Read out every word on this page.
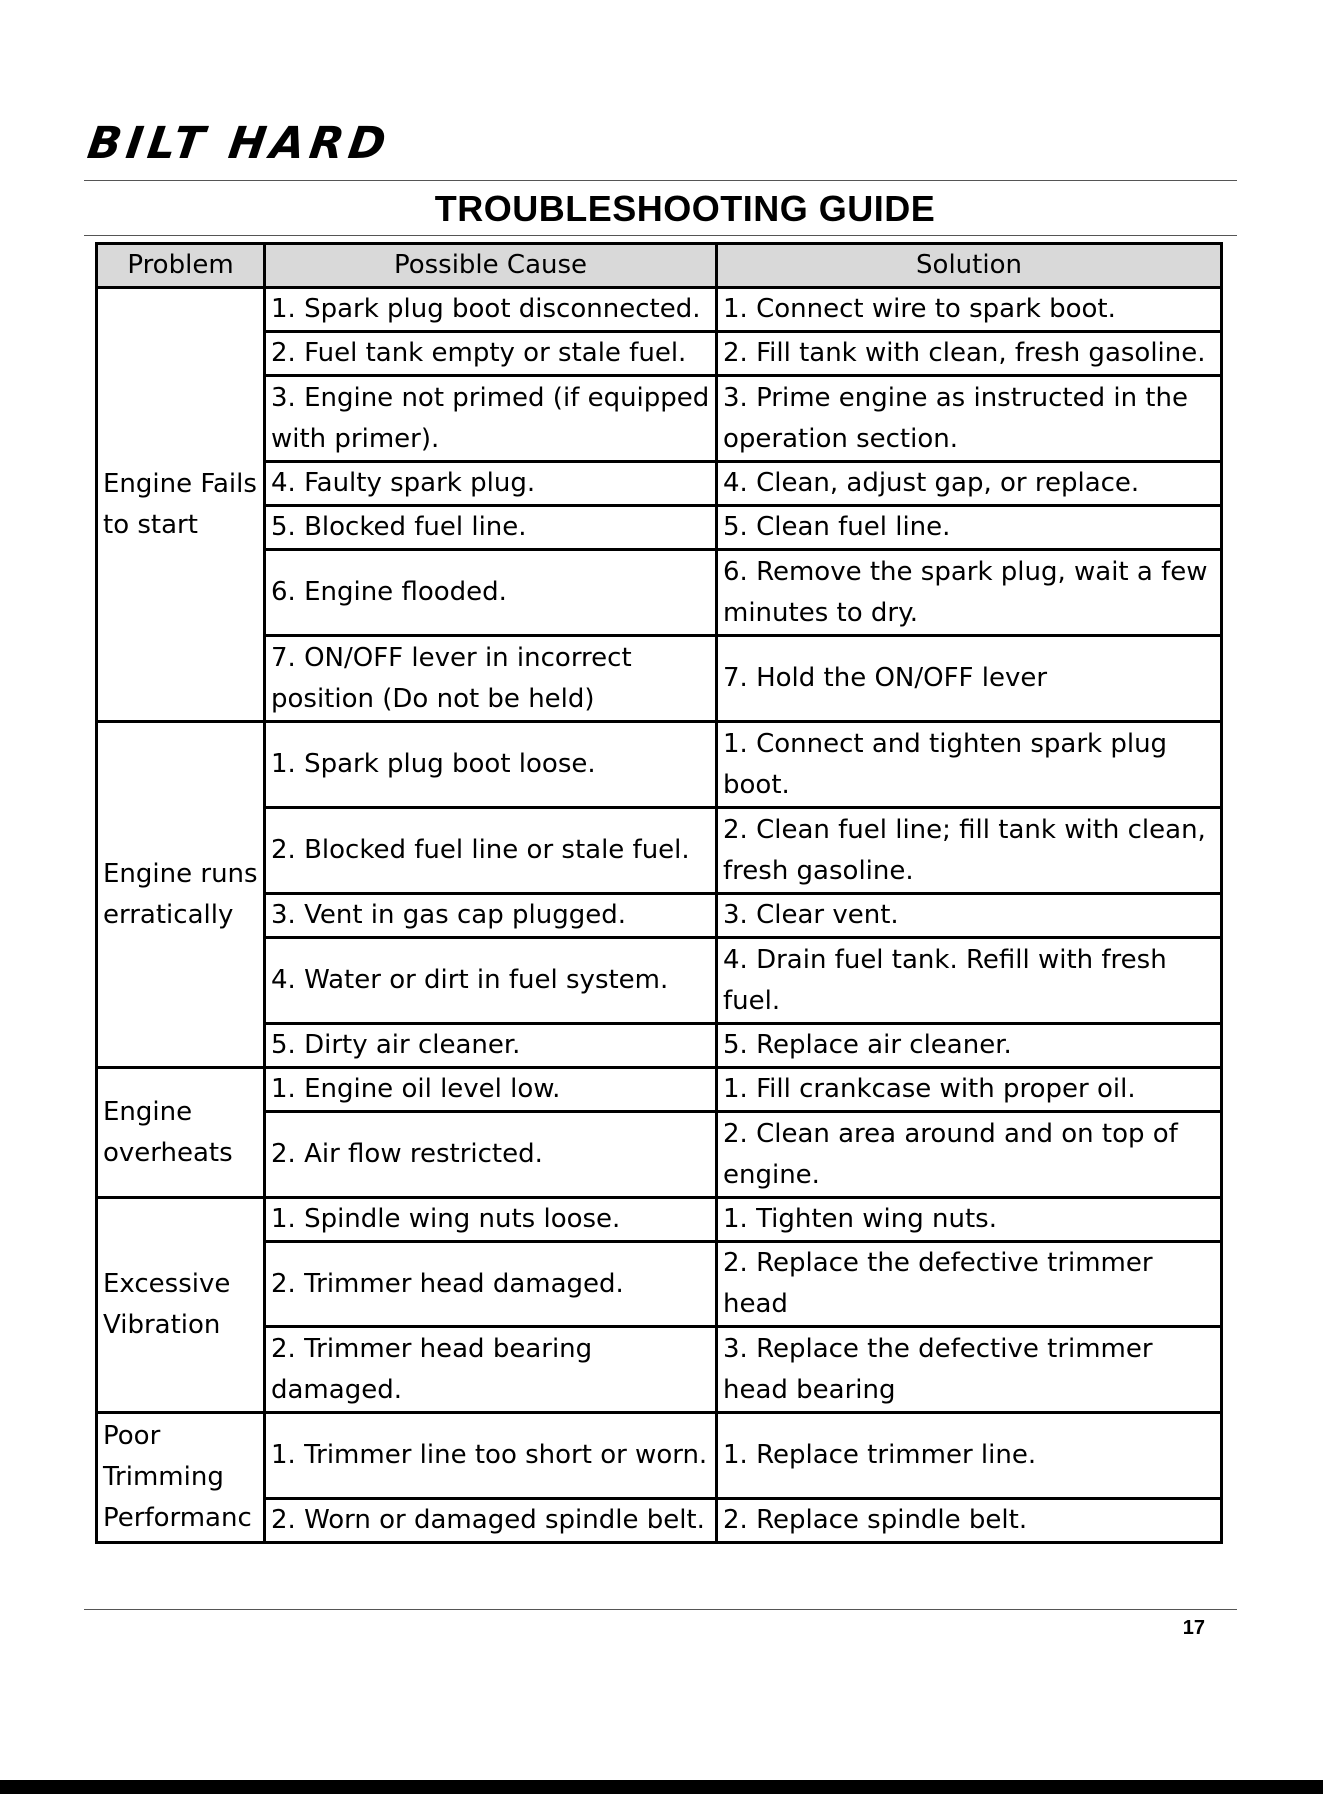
BILT HARD
TROUBLESHOOTING GUIDE
Problem	Possible Cause	Solution
Engine Fails to start	1. Spark plug boot disconnected.	1. Connect wire to spark boot.
	2. Fuel tank empty or stale fuel.	2. Fill tank with clean, fresh gasoline.
	3. Engine not primed (if equipped with primer).	3. Prime engine as instructed in the operation section.
	4. Faulty spark plug.	4. Clean, adjust gap, or replace.
	5. Blocked fuel line.	5. Clean fuel line.
	6. Engine flooded.	6. Remove the spark plug, wait a few minutes to dry.
	7. ON/OFF lever in incorrect position (Do not be held)	7. Hold the ON/OFF lever
Engine runs erratically	1. Spark plug boot loose.	1. Connect and tighten spark plug boot.
	2. Blocked fuel line or stale fuel.	2. Clean fuel line; fill tank with clean, fresh gasoline.
	3. Vent in gas cap plugged.	3. Clear vent.
	4. Water or dirt in fuel system.	4. Drain fuel tank. Refill with fresh fuel.
	5. Dirty air cleaner.	5. Replace air cleaner.
Engine overheats	1. Engine oil level low.	1. Fill crankcase with proper oil.
	2. Air flow restricted.	2. Clean area around and on top of engine.
Excessive Vibration	1. Spindle wing nuts loose.	1. Tighten wing nuts.
	2. Trimmer head damaged.	2. Replace the defective trimmer head
	2. Trimmer head bearing damaged.	3. Replace the defective trimmer head bearing
Poor Trimming Performanc	1. Trimmer line too short or worn.	1. Replace trimmer line.
	2. Worn or damaged spindle belt.	2. Replace spindle belt.
17
